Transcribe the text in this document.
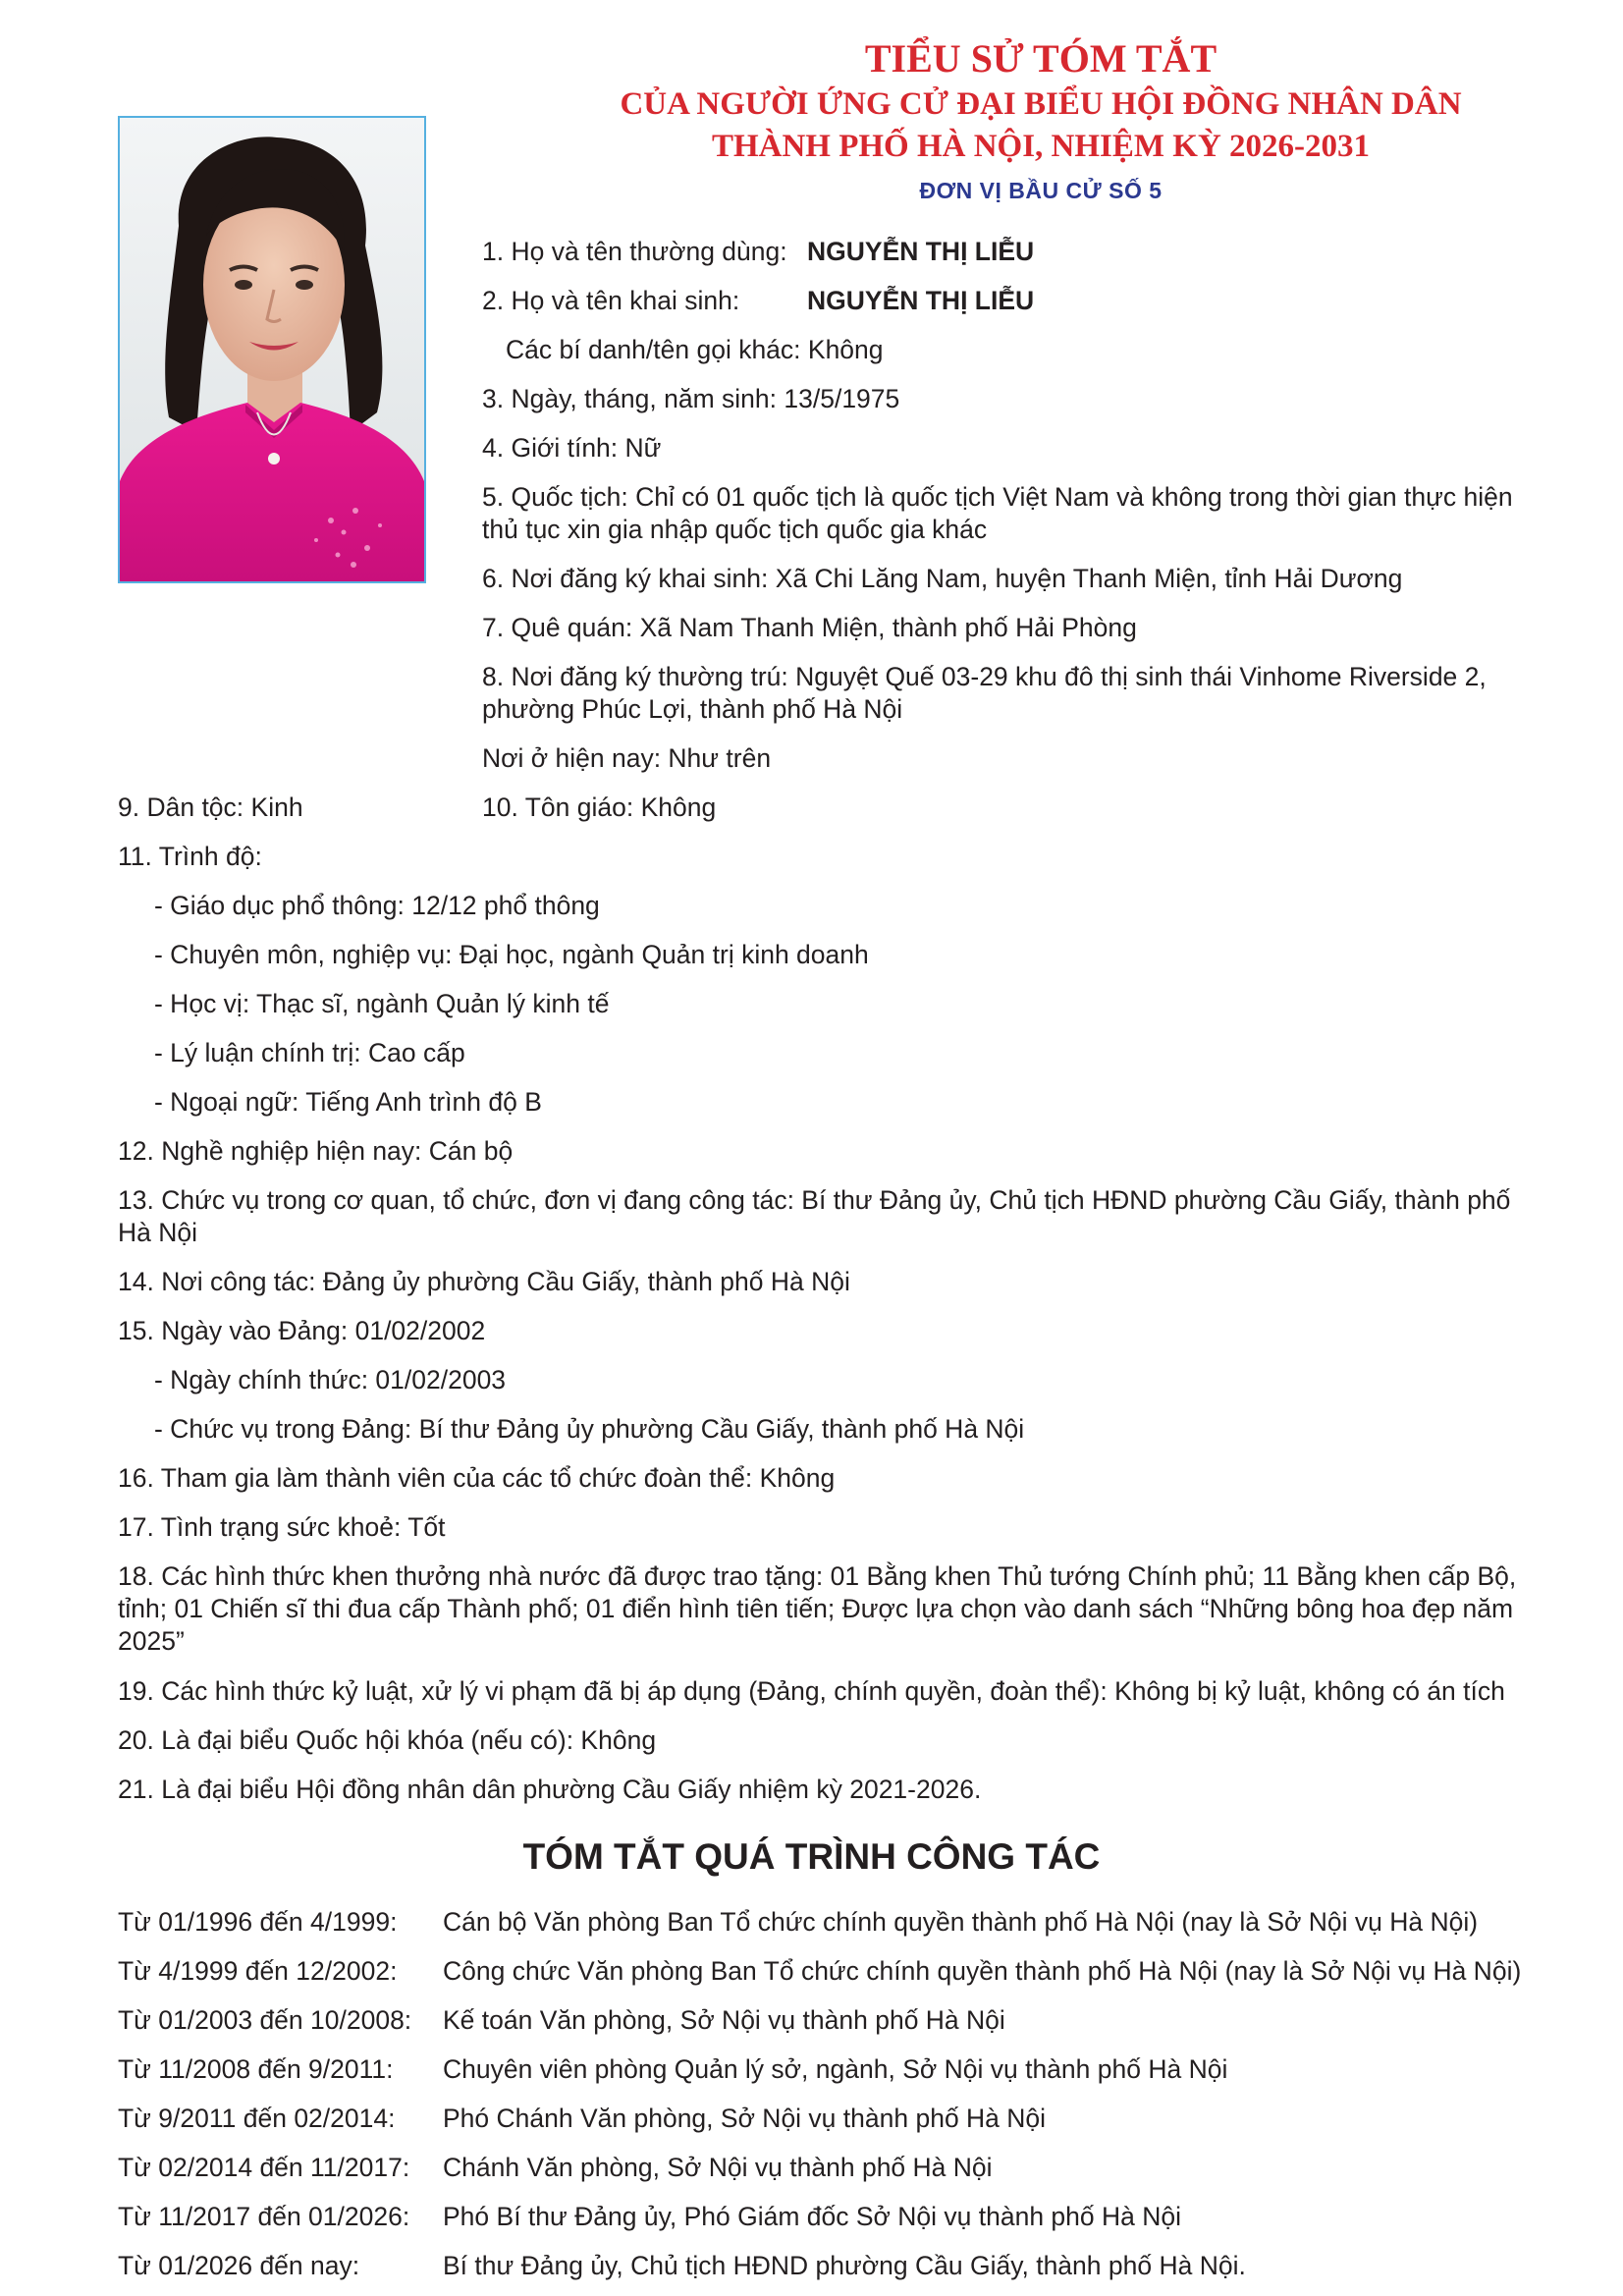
TIỂU SỬ TÓM TẮT
CỦA NGƯỜI ỨNG CỬ ĐẠI BIỂU HỘI ĐỒNG NHÂN DÂN
THÀNH PHỐ HÀ NỘI, NHIỆM KỲ 2026-2031
ĐƠN VỊ BẦU CỬ SỐ 5
1. Họ và tên thường dùng: NGUYỄN THỊ LIỄU
2. Họ và tên khai sinh:	NGUYỄN THỊ LIỄU
Các bí danh/tên gọi khác: Không
3. Ngày, tháng, năm sinh: 13/5/1975
4. Giới tính: Nữ
5. Quốc tịch: Chỉ có 01 quốc tịch là quốc tịch Việt Nam và không trong thời gian thực hiện thủ tục xin gia nhập quốc tịch quốc gia khác
6. Nơi đăng ký khai sinh: Xã Chi Lăng Nam, huyện Thanh Miện, tỉnh Hải Dương
7. Quê quán: Xã Nam Thanh Miện, thành phố Hải Phòng
8. Nơi đăng ký thường trú: Nguyệt Quế 03-29 khu đô thị sinh thái Vinhome Riverside 2, phường Phúc Lợi, thành phố Hà Nội
Nơi ở hiện nay: Như trên
9. Dân tộc: Kinh	10. Tôn giáo: Không
11. Trình độ:
- Giáo dục phổ thông: 12/12 phổ thông
- Chuyên môn, nghiệp vụ: Đại học, ngành Quản trị kinh doanh
- Học vị: Thạc sĩ, ngành Quản lý kinh tế
- Lý luận chính trị: Cao cấp
- Ngoại ngữ: Tiếng Anh trình độ B
12. Nghề nghiệp hiện nay: Cán bộ
13. Chức vụ trong cơ quan, tổ chức, đơn vị đang công tác: Bí thư Đảng ủy, Chủ tịch HĐND phường Cầu Giấy, thành phố Hà Nội
14. Nơi công tác: Đảng ủy phường Cầu Giấy, thành phố Hà Nội
15. Ngày vào Đảng: 01/02/2002
- Ngày chính thức: 01/02/2003
- Chức vụ trong Đảng: Bí thư Đảng ủy phường Cầu Giấy, thành phố Hà Nội
16. Tham gia làm thành viên của các tổ chức đoàn thể: Không
17. Tình trạng sức khoẻ: Tốt
18. Các hình thức khen thưởng nhà nước đã được trao tặng: 01 Bằng khen Thủ tướng Chính phủ; 11 Bằng khen cấp Bộ, tỉnh; 01 Chiến sĩ thi đua cấp Thành phố; 01 điển hình tiên tiến; Được lựa chọn vào danh sách “Những bông hoa đẹp năm 2025”
19. Các hình thức kỷ luật, xử lý vi phạm đã bị áp dụng (Đảng, chính quyền, đoàn thể): Không bị kỷ luật, không có án tích
20. Là đại biểu Quốc hội khóa (nếu có): Không
21. Là đại biểu Hội đồng nhân dân phường Cầu Giấy nhiệm kỳ 2021-2026.
TÓM TẮT QUÁ TRÌNH CÔNG TÁC
Từ 01/1996 đến 4/1999: Cán bộ Văn phòng Ban Tổ chức chính quyền thành phố Hà Nội (nay là Sở Nội vụ Hà Nội)
Từ 4/1999 đến 12/2002: Công chức Văn phòng Ban Tổ chức chính quyền thành phố Hà Nội (nay là Sở Nội vụ Hà Nội)
Từ 01/2003 đến 10/2008: Kế toán Văn phòng, Sở Nội vụ thành phố Hà Nội
Từ 11/2008 đến 9/2011: Chuyên viên phòng Quản lý sở, ngành, Sở Nội vụ thành phố Hà Nội
Từ 9/2011 đến 02/2014: Phó Chánh Văn phòng, Sở Nội vụ thành phố Hà Nội
Từ 02/2014 đến 11/2017: Chánh Văn phòng, Sở Nội vụ thành phố Hà Nội
Từ 11/2017 đến 01/2026: Phó Bí thư Đảng ủy, Phó Giám đốc Sở Nội vụ thành phố Hà Nội
Từ 01/2026 đến nay:	Bí thư Đảng ủy, Chủ tịch HĐND phường Cầu Giấy, thành phố Hà Nội.
